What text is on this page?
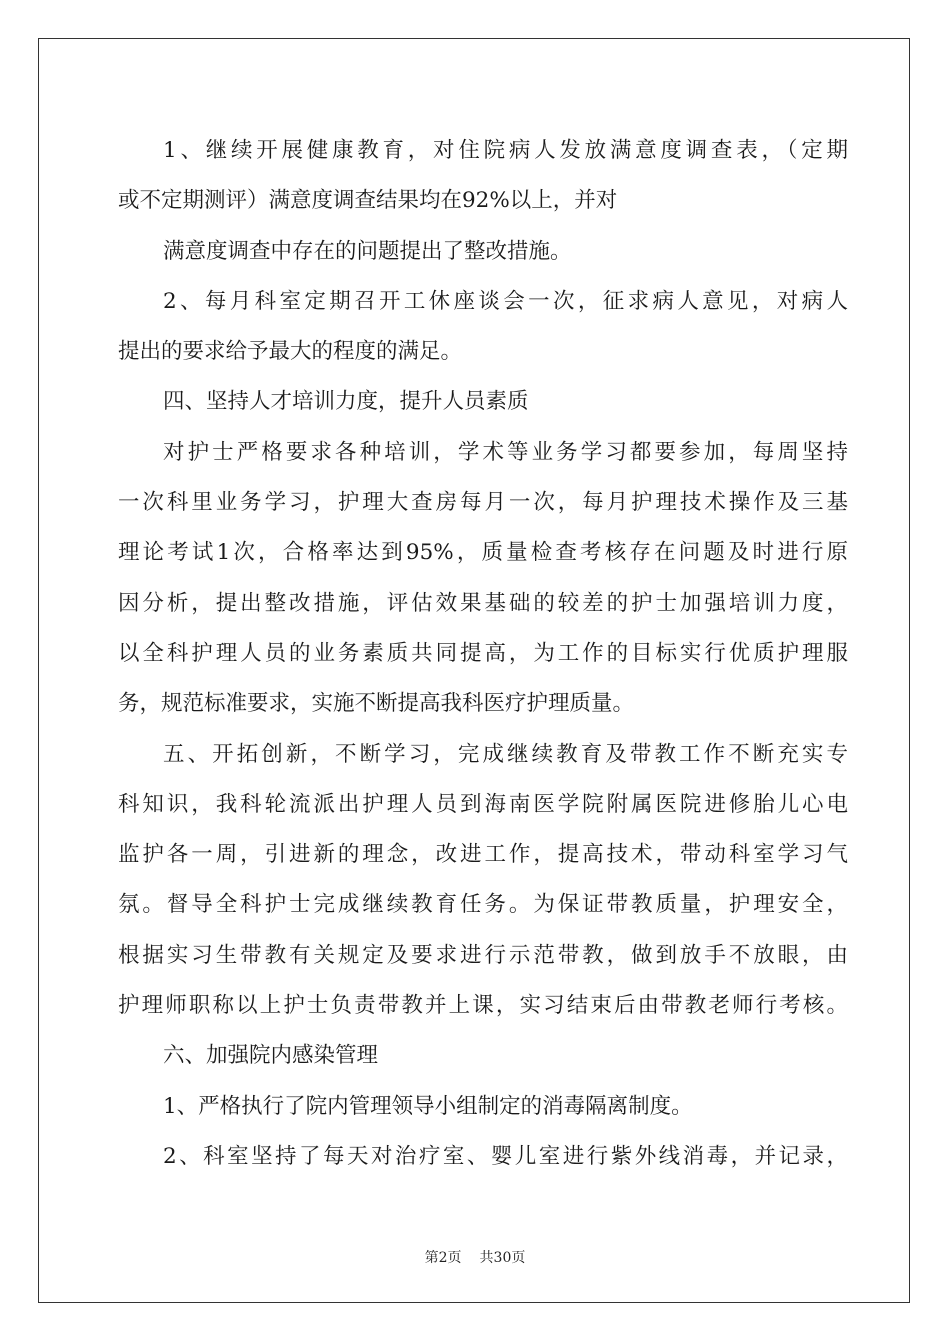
1、继续开展健康教育，对住院病人发放满意度调查表，（定期
或不定期测评）满意度调查结果均在92%以上，并对
满意度调查中存在的问题提出了整改措施。
2、每月科室定期召开工休座谈会一次，征求病人意见，对病人
提出的要求给予最大的程度的满足。
四、坚持人才培训力度，提升人员素质
对护士严格要求各种培训，学术等业务学习都要参加，每周坚持
一次科里业务学习，护理大查房每月一次，每月护理技术操作及三基
理论考试1次，合格率达到95%，质量检查考核存在问题及时进行原
因分析，提出整改措施，评估效果基础的较差的护士加强培训力度，
以全科护理人员的业务素质共同提高，为工作的目标实行优质护理服
务，规范标准要求，实施不断提高我科医疗护理质量。
五、开拓创新，不断学习，完成继续教育及带教工作不断充实专
科知识，我科轮流派出护理人员到海南医学院附属医院进修胎儿心电
监护各一周，引进新的理念，改进工作，提高技术，带动科室学习气
氛。督导全科护士完成继续教育任务。为保证带教质量，护理安全，
根据实习生带教有关规定及要求进行示范带教，做到放手不放眼，由
护理师职称以上护士负责带教并上课，实习结束后由带教老师行考核。
六、加强院内感染管理
1、严格执行了院内管理领导小组制定的消毒隔离制度。
2、科室坚持了每天对治疗室、婴儿室进行紫外线消毒，并记录，
第2页 共30页
